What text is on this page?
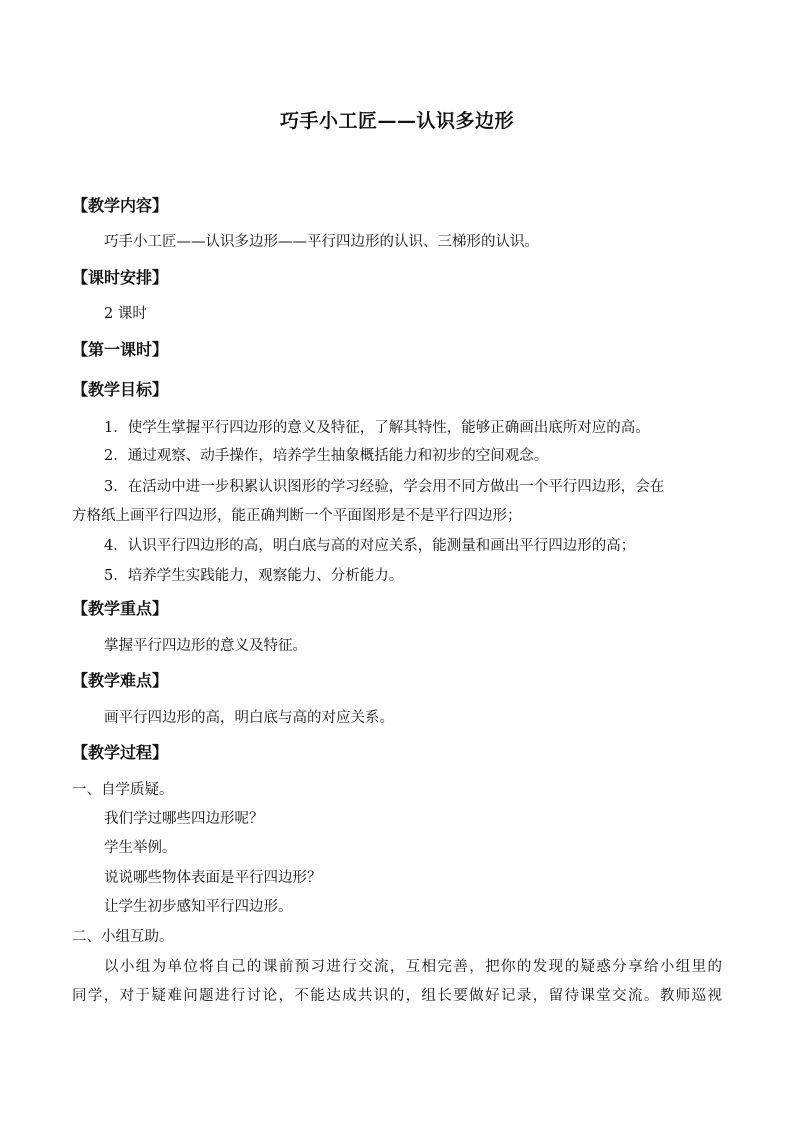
巧手小工匠——认识多边形
【教学内容】
巧手小工匠——认识多边形——平行四边形的认识、三梯形的认识。
【课时安排】
2 课时
【第一课时】
【教学目标】
1．使学生掌握平行四边形的意义及特征，了解其特性，能够正确画出底所对应的高。
2．通过观察、动手操作，培养学生抽象概括能力和初步的空间观念。
3．在活动中进一步积累认识图形的学习经验，学会用不同方做出一个平行四边形，会在
方格纸上画平行四边形，能正确判断一个平面图形是不是平行四边形；
4．认识平行四边形的高，明白底与高的对应关系，能测量和画出平行四边形的高；
5．培养学生实践能力，观察能力、分析能力。
【教学重点】
掌握平行四边形的意义及特征。
【教学难点】
画平行四边形的高，明白底与高的对应关系。
【教学过程】
一、自学质疑。
我们学过哪些四边形呢？
学生举例。
说说哪些物体表面是平行四边形？
让学生初步感知平行四边形。
二、小组互助。
以小组为单位将自己的课前预习进行交流，互相完善，把你的发现的疑惑分享给小组里的
同学，对于疑难问题进行讨论，不能达成共识的，组长要做好记录，留待课堂交流。教师巡视
